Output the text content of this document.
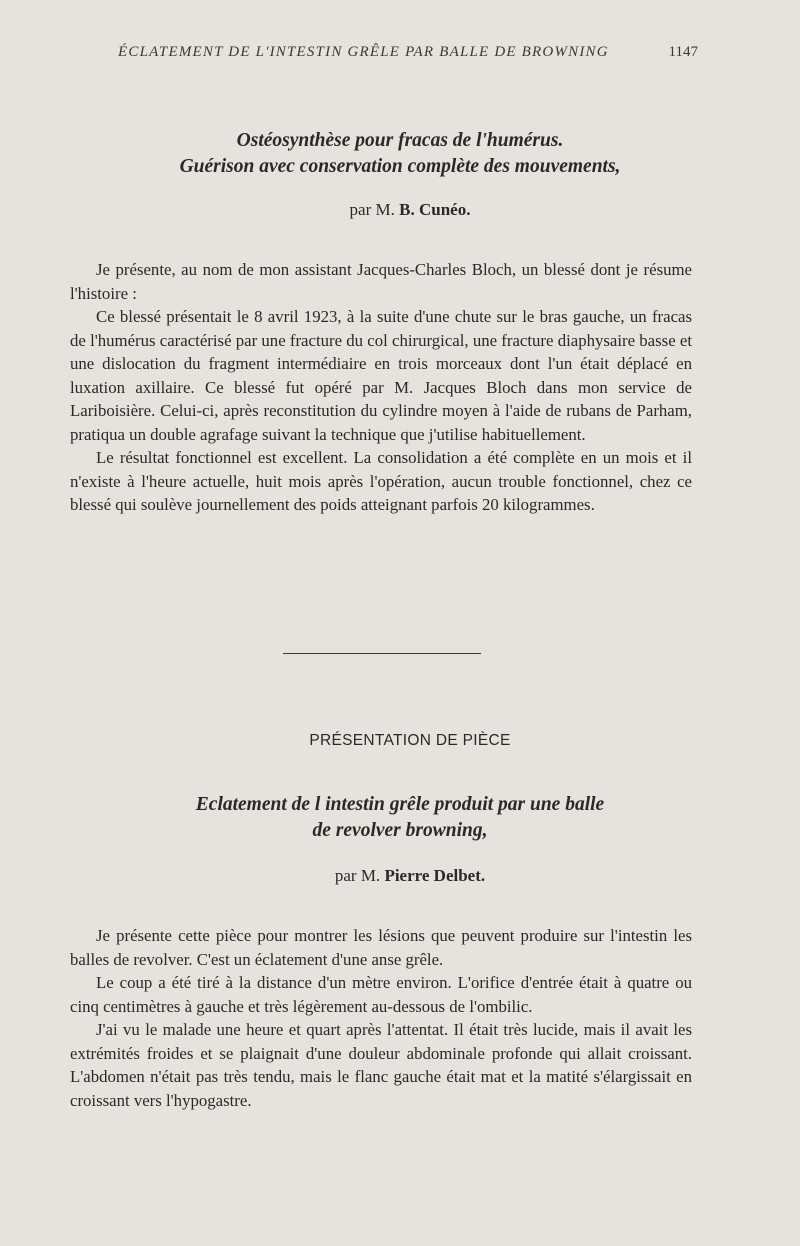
ÉCLATEMENT DE L'INTESTIN GRÊLE PAR BALLE DE BROWNING	1147
Ostéosynthèse pour fracas de l'humérus.
Guérison avec conservation complète des mouvements,
par M. B. Cunéo.

Je présente, au nom de mon assistant Jacques-Charles Bloch, un blessé dont je résume l'histoire :

Ce blessé présentait le 8 avril 1923, à la suite d'une chute sur le bras gauche, un fracas de l'humérus caractérisé par une fracture du col chirurgical, une fracture diaphysaire basse et une dislocation du fragment intermédiaire en trois morceaux dont l'un était déplacé en luxation axillaire. Ce blessé fut opéré par M. Jacques Bloch dans mon service de Lariboisière. Celui-ci, après reconstitution du cylindre moyen à l'aide de rubans de Parham, pratiqua un double agrafage suivant la technique que j'utilise habituellement.

Le résultat fonctionnel est excellent. La consolidation a été complète en un mois et il n'existe à l'heure actuelle, huit mois après l'opération, aucun trouble fonctionnel, chez ce blessé qui soulève journellement des poids atteignant parfois 20 kilogrammes.

PRÉSENTATION DE PIÈCE
Eclatement de l intestin grêle produit par une balle
de revolver browning,
par M. Pierre Delbet.

Je présente cette pièce pour montrer les lésions que peuvent produire sur l'intestin les balles de revolver. C'est un éclatement d'une anse grêle.

Le coup a été tiré à la distance d'un mètre environ. L'orifice d'entrée était à quatre ou cinq centimètres à gauche et très légèrement au-dessous de l'ombilic.

J'ai vu le malade une heure et quart après l'attentat. Il était très lucide, mais il avait les extrémités froides et se plaignait d'une douleur abdominale profonde qui allait croissant. L'abdomen n'était pas très tendu, mais le flanc gauche était mat et la matité s'élargissait en croissant vers l'hypogastre.
